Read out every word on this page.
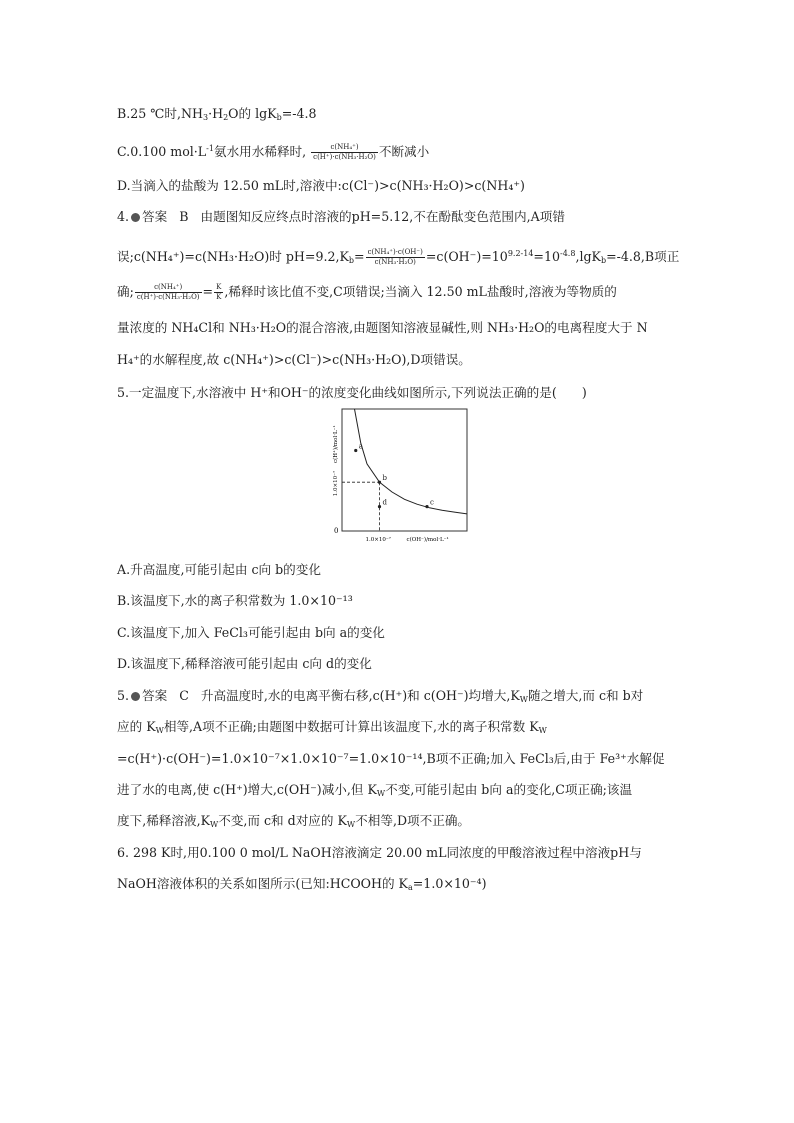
B.25 ℃时$,NH_3\cdot H_2O$的 lgK$_b$=-4.8
C.0.100 $mol\cdot L^{-1}$氨水用水稀释时, $\frac{\text{c(NH₄⁺)}}{\text{c(H⁺)·c(NH₃·H₂O)}}$ 不断减小
D.当滴入的盐酸为 12.50 mL时,溶液中:c(Cl⁻)>c(NH₃·H₂O)>c(NH₄⁺)
4. 答案 B 由题图知反应终点时溶液的pH=5.12,不在酚酞变色范围内,A项错
误;c(NH₄⁺)=c(NH₃·H₂O)时 $pH=9.2,K_b= \frac{\text{c(NH₄⁺)·c(OH⁻)}}{\text{c(NH₃·H₂O)}} =c(OH^-)=10^{9.2-14}=10^{-4.8},\lg K_b=-4.8,B$项正
确; $\frac{\text{c(NH₄⁺)}}{\text{c(H⁺)·c(NH₃·H₂O)}} = \frac{K}{K}$ ,稀释时该比值不变,C项错误;当滴入 12.50 mL盐酸时,溶液为等物质的
量浓度的 NH₄Cl和 NH₃·H₂O的混合溶液,由题图知溶液显碱性,则 NH₃·H₂O的电离程度大于 N
H₄⁺的水解程度,故 c(NH₄⁺)>c(Cl⁻)>c(NH₃·H₂O),D项错误。
5.一定温度下,水溶液中 H⁺和OH⁻的浓度变化曲线如图所示,下列说法正确的是(　　)
a
b
c
d
0
1.0×10⁻⁷	c(OH⁻)/mol·L⁻¹
1.0×10⁻⁷
c(H⁺)/mol·L⁻¹
A.升高温度,可能引起由 c向 b的变化
B.该温度下,水的离子积常数为 1.0×10⁻¹³
C.该温度下,加入 FeCl₃可能引起由 b向 a的变化
D.该温度下,稀释溶液可能引起由 c向 d的变化
5. 答案 C 升高温度时,水的电离平衡右移,c(H⁺)和 c(OH⁻)均增大$,K_W$随之增大,而 c和 b对
应的 $K_W$相等,A项不正确;由题图中数据可计算出该温度下,水的离子积常数 $K_W$
=c(H⁺)·c(OH⁻)=1.0×10⁻⁷×1.0×10⁻⁷=1.0×10⁻¹⁴,B项不正确;加入 FeCl₃后,由于 Fe³⁺水解促
进了水的电离,使 c(H⁺)增大,c(OH⁻)减小,但 $K_W$不变,可能引起由 b向 a的变化,C项正确;该温
度下,稀释溶液$,K_W$不变,而 c和 d对应的 $K_W$不相等,D项不正确。
6. 298 K时,用0.100 0 mol/L NaOH溶液滴定 20.00 mL同浓度的甲酸溶液过程中溶液pH与
NaOH溶液体积的关系如图所示(已知:HCOOH的 $K_a=1.0\times 10^{-4}$)
